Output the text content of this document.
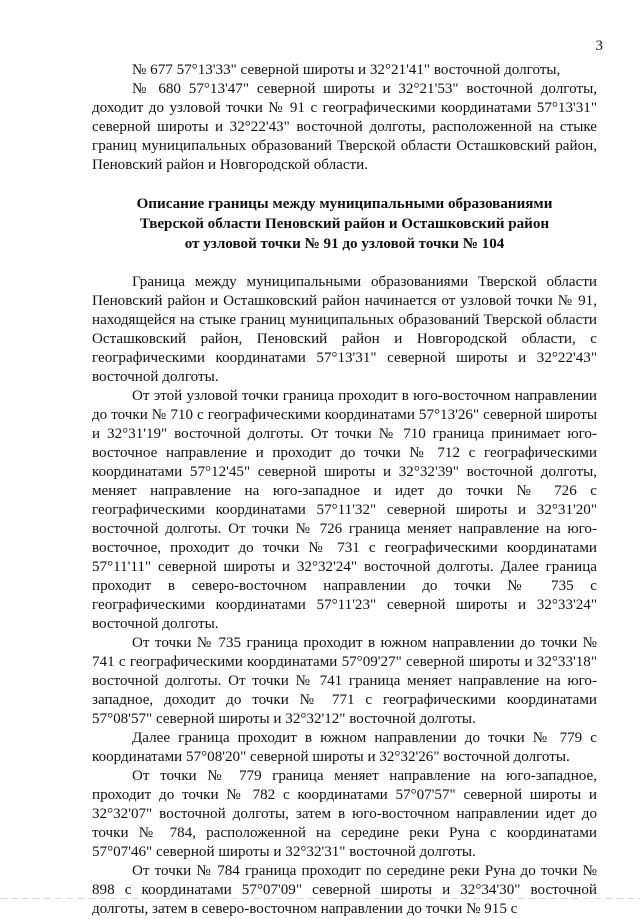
3

№ 677 57°13'33" северной широты и 32°21'41" восточной долготы,

№ 680 57°13'47" северной широты и 32°21'53" восточной долготы, доходит до узловой точки № 91 с географическими координатами 57°13'31" северной широты и 32°22'43" восточной долготы, расположенной на стыке границ муниципальных образований Тверской области Осташковский район, Пеновский район и Новгородской области.

Описание границы между муниципальными образованиями
Тверской области Пеновский район и Осташковский район
от узловой точки № 91 до узловой точки № 104

Граница между муниципальными образованиями Тверской области Пеновский район и Осташковский район начинается от узловой точки № 91, находящейся на стыке границ муниципальных образований Тверской области Осташковский район, Пеновский район и Новгородской области, с географическими координатами 57°13'31" северной широты и 32°22'43" восточной долготы.

От этой узловой точки граница проходит в юго-восточном направлении до точки № 710 с географическими координатами 57°13'26" северной широты и 32°31'19" восточной долготы. От точки № 710 граница принимает юго-восточное направление и проходит до точки № 712 с географическими координатами 57°12'45" северной широты и 32°32'39" восточной долготы, меняет направление на юго-западное и идет до точки № 726 с географическими координатами 57°11'32" северной широты и 32°31'20" восточной долготы. От точки № 726 граница меняет направление на юго-восточное, проходит до точки № 731 с географическими координатами 57°11'11" северной широты и 32°32'24" восточной долготы. Далее граница проходит в северо-восточном направлении до точки № 735 с географическими координатами 57°11'23" северной широты и 32°33'24" восточной долготы.

От точки № 735 граница проходит в южном направлении до точки № 741 с географическими координатами 57°09'27" северной широты и 32°33'18" восточной долготы. От точки № 741 граница меняет направление на юго-западное, доходит до точки № 771 с географическими координатами 57°08'57" северной широты и 32°32'12" восточной долготы.

Далее граница проходит в южном направлении до точки № 779 с координатами 57°08'20" северной широты и 32°32'26" восточной долготы.

От точки № 779 граница меняет направление на юго-западное, проходит до точки № 782 с координатами 57°07'57" северной широты и 32°32'07" восточной долготы, затем в юго-восточном направлении идет до точки № 784, расположенной на середине реки Руна с координатами 57°07'46" северной широты и 32°32'31" восточной долготы.

От точки № 784 граница проходит по середине реки Руна до точки № 898 с координатами 57°07'09" северной широты и 32°34'30" восточной долготы, затем в северо-восточном направлении до точки № 915 с
